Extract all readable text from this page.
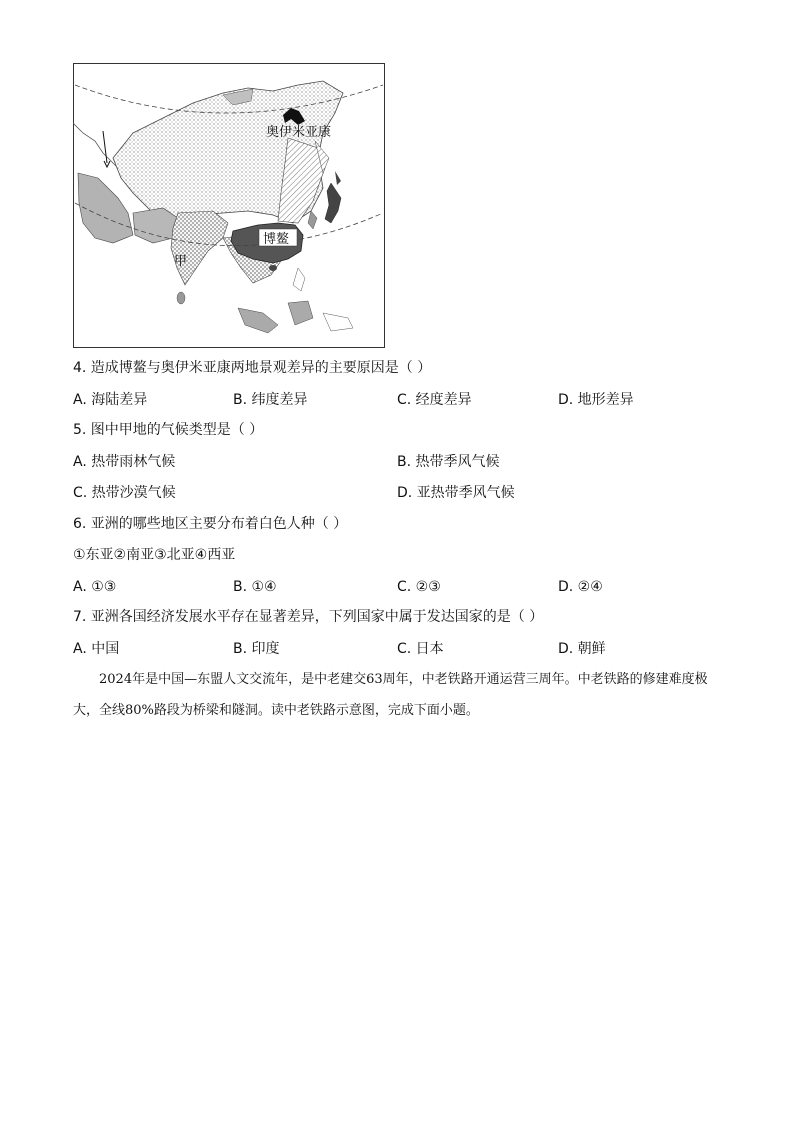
奥伊米亚康
博鳌
甲
4. 造成博鳌与奥伊米亚康两地景观差异的主要原因是（ ）
A. 海陆差异	B. 纬度差异	C. 经度差异	D. 地形差异
5. 图中甲地的气候类型是（ ）
A. 热带雨林气候	B. 热带季风气候
C. 热带沙漠气候	D. 亚热带季风气候
6. 亚洲的哪些地区主要分布着白色人种（ ）
①东亚②南亚③北亚④西亚
A. ①③	B. ①④	C. ②③	D. ②④
7. 亚洲各国经济发展水平存在显著差异，下列国家中属于发达国家的是（ ）
A. 中国	B. 印度	C. 日本	D. 朝鲜
2024年是中国—东盟人文交流年，是中老建交63周年，中老铁路开通运营三周年。中老铁路的修建难度极大，全线80%路段为桥梁和隧洞。读中老铁路示意图，完成下面小题。
